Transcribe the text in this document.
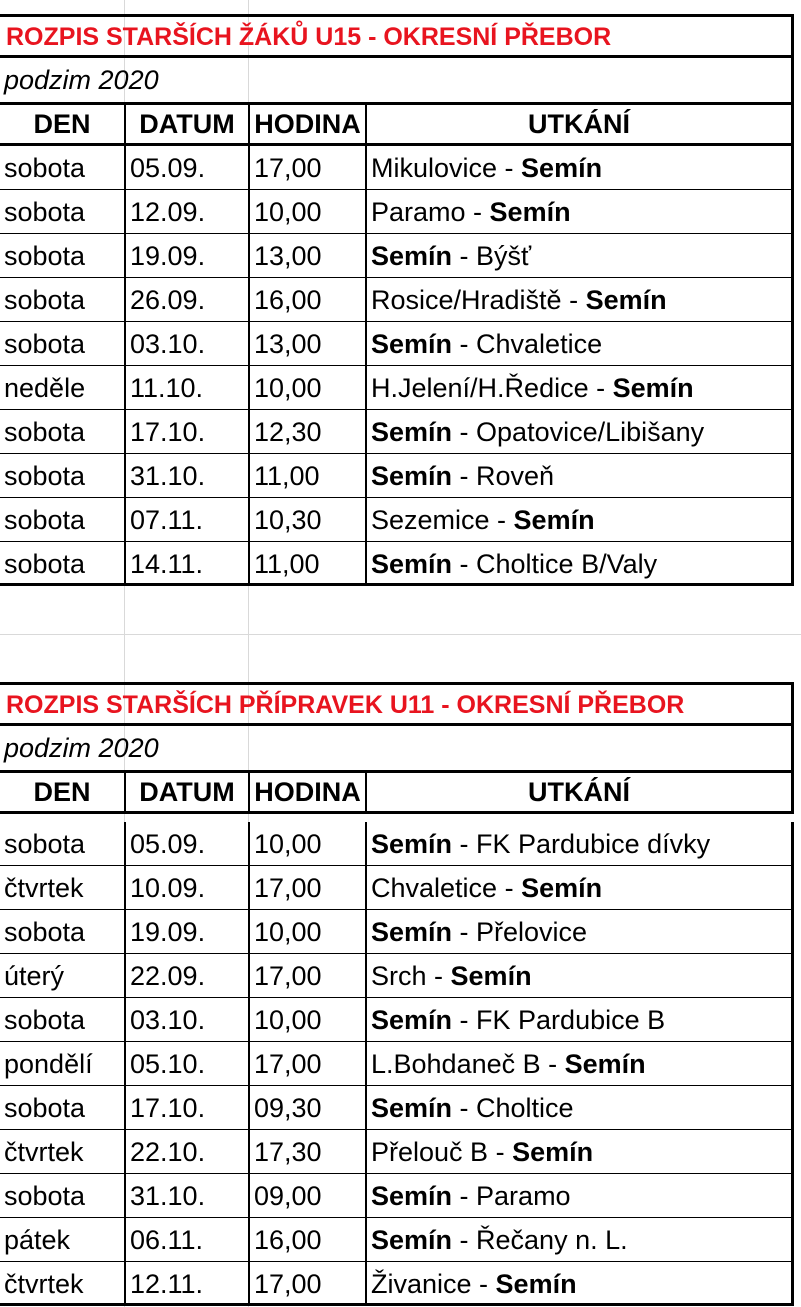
ROZPIS STARŠÍCH ŽÁKŮ U15 - OKRESNÍ PŘEBOR
podzim 2020
DEN	DATUM HODINA	UTKÁNÍ
sobota	05.09.	17,00	Mikulovice - Semín
sobota	12.09.	10,00	Paramo - Semín
sobota	19.09.	13,00	Semín - Býšť
sobota	26.09.	16,00	Rosice/Hradiště - Semín
sobota	03.10.	13,00	Semín - Chvaletice
neděle	11.10.	10,00	H.Jelení/H.Ředice - Semín
sobota	17.10.	12,30	Semín - Opatovice/Libišany
sobota	31.10.	11,00	Semín - Roveň
sobota	07.11.	10,30	Sezemice - Semín
sobota	14.11.	11,00	Semín - Choltice B/Valy
ROZPIS STARŠÍCH PŘÍPRAVEK U11 - OKRESNÍ PŘEBOR
podzim 2020
DEN	DATUM HODINA	UTKÁNÍ
sobota	05.09.	10,00	Semín - FK Pardubice dívky
čtvrtek	10.09.	17,00	Chvaletice - Semín
sobota	19.09.	10,00	Semín - Přelovice
úterý	22.09.	17,00	Srch - Semín
sobota	03.10.	10,00	Semín - FK Pardubice B
pondělí	05.10.	17,00	L.Bohdaneč B - Semín
sobota	17.10.	09,30	Semín - Choltice
čtvrtek	22.10.	17,30	Přelouč B - Semín
sobota	31.10.	09,00	Semín - Paramo
pátek	06.11.	16,00	Semín - Řečany n. L.
čtvrtek	12.11.	17,00	Živanice - Semín
